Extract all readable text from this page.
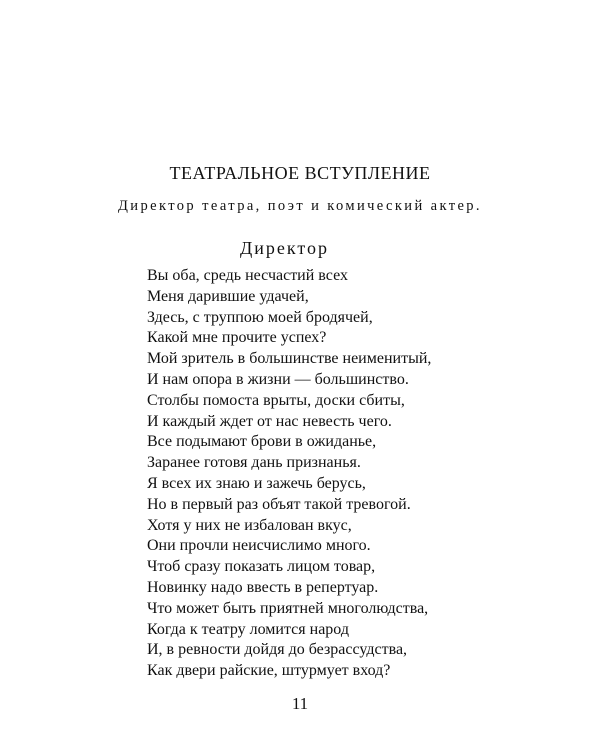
ТЕАТРАЛЬНОЕ ВСТУПЛЕНИЕ
Директор театра, поэт и комический актер.
Директор
Вы оба, средь несчастий всех
Меня дарившие удачей,
Здесь, с труппою моей бродячей,
Какой мне прочите успех?
Мой зритель в большинстве неименитый,
И нам опора в жизни — большинство.
Столбы помоста врыты, доски сбиты,
И каждый ждет от нас невесть чего.
Все подымают брови в ожиданье,
Заранее готовя дань признанья.
Я всех их знаю и зажечь берусь,
Но в первый раз объят такой тревогой.
Хотя у них не избалован вкус,
Они прочли неисчислимо много.
Чтоб сразу показать лицом товар,
Новинку надо ввесть в репертуар.
Что может быть приятней многолюдства,
Когда к театру ломится народ
И, в ревности дойдя до безрассудства,
Как двери райские, штурмует вход?
11
